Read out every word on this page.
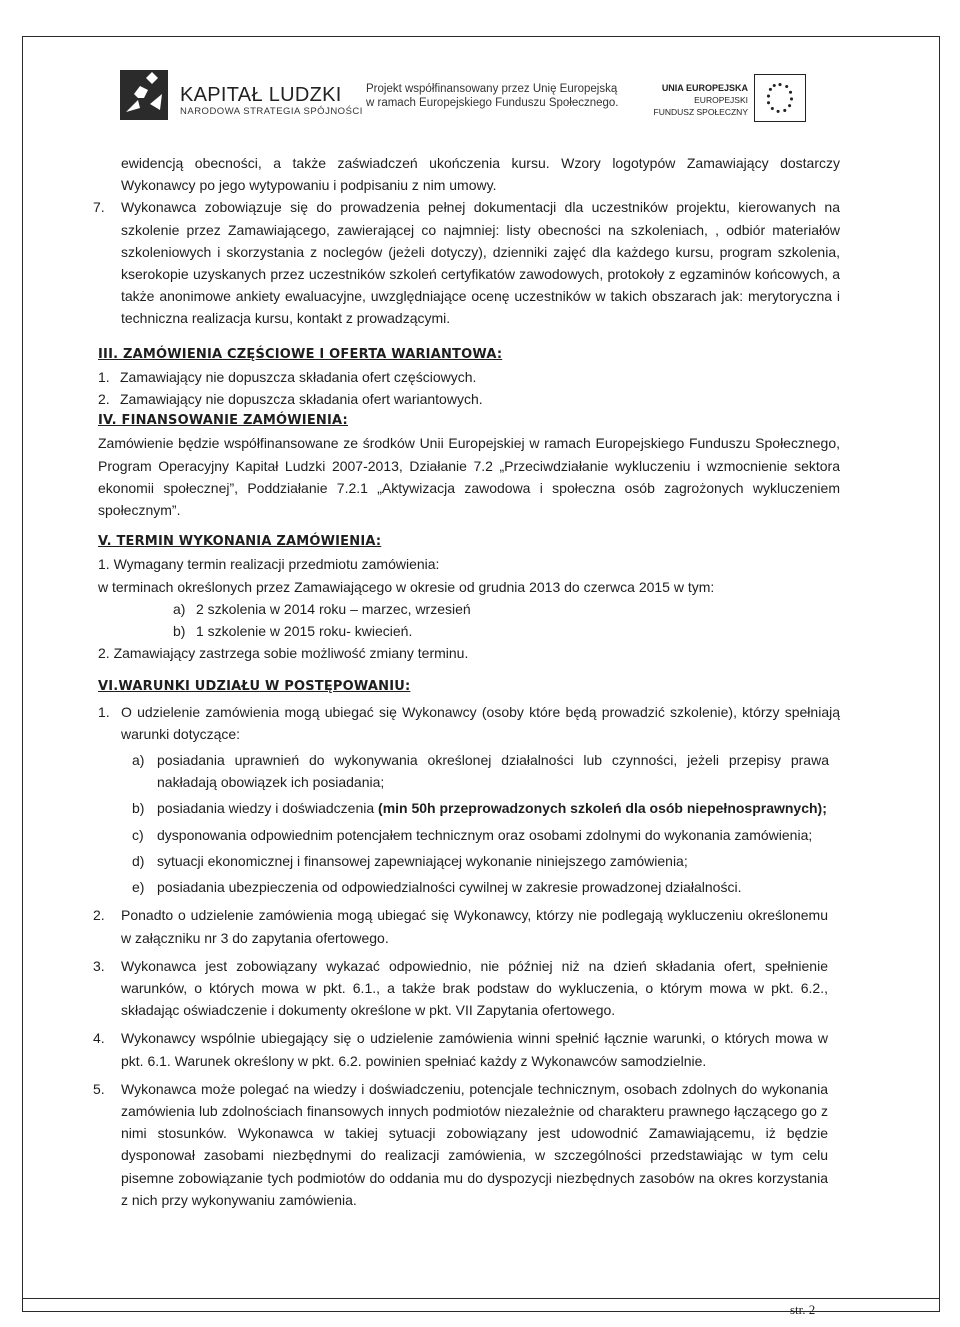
KAPITAŁ LUDZKI
NARODOWA STRATEGIA SPÓJNOŚCI
Projekt współfinansowany przez Unię Europejską
w ramach Europejskiego Funduszu Społecznego.
UNIA EUROPEJSKA
EUROPEJSKI
FUNDUSZ SPOŁECZNY

ewidencją obecności, a także zaświadczeń ukończenia kursu. Wzory logotypów Zamawiający dostarczy Wykonawcy po jego wytypowaniu i podpisaniu z nim umowy.

7. Wykonawca zobowiązuje się do prowadzenia pełnej dokumentacji dla uczestników projektu, kierowanych na szkolenie przez Zamawiającego, zawierającej co najmniej: listy obecności na szkoleniach, , odbiór materiałów szkoleniowych i skorzystania z noclegów (jeżeli dotyczy), dzienniki zajęć dla każdego kursu, program szkolenia, kserokopie uzyskanych przez uczestników szkoleń certyfikatów zawodowych, protokoły z egzaminów końcowych, a także anonimowe ankiety ewaluacyjne, uwzględniające ocenę uczestników w takich obszarach jak: merytoryczna i techniczna realizacja kursu, kontakt z prowadzącymi.

III. ZAMÓWIENIA CZĘŚCIOWE I OFERTA WARIANTOWA:

1. Zamawiający nie dopuszcza składania ofert częściowych.
2. Zamawiający nie dopuszcza składania ofert wariantowych.

IV. FINANSOWANIE ZAMÓWIENIA:

Zamówienie będzie współfinansowane ze środków Unii Europejskiej w ramach Europejskiego Funduszu Społecznego, Program Operacyjny Kapitał Ludzki 2007-2013, Działanie 7.2 „Przeciwdziałanie wykluczeniu i wzmocnienie sektora ekonomii społecznej”, Poddziałanie 7.2.1 „Aktywizacja zawodowa i społeczna osób zagrożonych wykluczeniem społecznym”.

V. TERMIN WYKONANIA ZAMÓWIENIA:

1. Wymagany termin realizacji przedmiotu zamówienia:

w terminach określonych przez Zamawiającego w okresie od grudnia 2013 do czerwca 2015 w tym:

a) 2 szkolenia w 2014 roku – marzec, wrzesień
b) 1 szkolenie w 2015 roku- kwiecień.

2. Zamawiający zastrzega sobie możliwość zmiany terminu.

VI.WARUNKI UDZIAŁU W POSTĘPOWANIU:

1. O udzielenie zamówienia mogą ubiegać się Wykonawcy (osoby które będą prowadzić szkolenie), którzy spełniają warunki dotyczące:

a) posiadania uprawnień do wykonywania określonej działalności lub czynności, jeżeli przepisy prawa nakładają obowiązek ich posiadania;

b) posiadania wiedzy i doświadczenia (min 50h przeprowadzonych szkoleń dla osób niepełnosprawnych);

c) dysponowania odpowiednim potencjałem technicznym oraz osobami zdolnymi do wykonania zamówienia;

d) sytuacji ekonomicznej i finansowej zapewniającej wykonanie niniejszego zamówienia;

e) posiadania ubezpieczenia od odpowiedzialności cywilnej w zakresie prowadzonej działalności.

2. Ponadto o udzielenie zamówienia mogą ubiegać się Wykonawcy, którzy nie podlegają wykluczeniu określonemu w załączniku nr 3 do zapytania ofertowego.

3. Wykonawca jest zobowiązany wykazać odpowiednio, nie później niż na dzień składania ofert, spełnienie warunków, o których mowa w pkt. 6.1., a także brak podstaw do wykluczenia, o którym mowa w pkt. 6.2., składając oświadczenie i dokumenty określone w pkt. VII Zapytania ofertowego.

4. Wykonawcy wspólnie ubiegający się o udzielenie zamówienia winni spełnić łącznie warunki, o których mowa w pkt. 6.1. Warunek określony w pkt. 6.2. powinien spełniać każdy z Wykonawców samodzielnie.

5. Wykonawca może polegać na wiedzy i doświadczeniu, potencjale technicznym, osobach zdolnych do wykonania zamówienia lub zdolnościach finansowych innych podmiotów niezależnie od charakteru prawnego łączącego go z nimi stosunków. Wykonawca w takiej sytuacji zobowiązany jest udowodnić Zamawiającemu, iż będzie dysponował zasobami niezbędnymi do realizacji zamówienia, w szczególności przedstawiając w tym celu pisemne zobowiązanie tych podmiotów do oddania mu do dyspozycji niezbędnych zasobów na okres korzystania z nich przy wykonywaniu zamówienia.

str. 2
